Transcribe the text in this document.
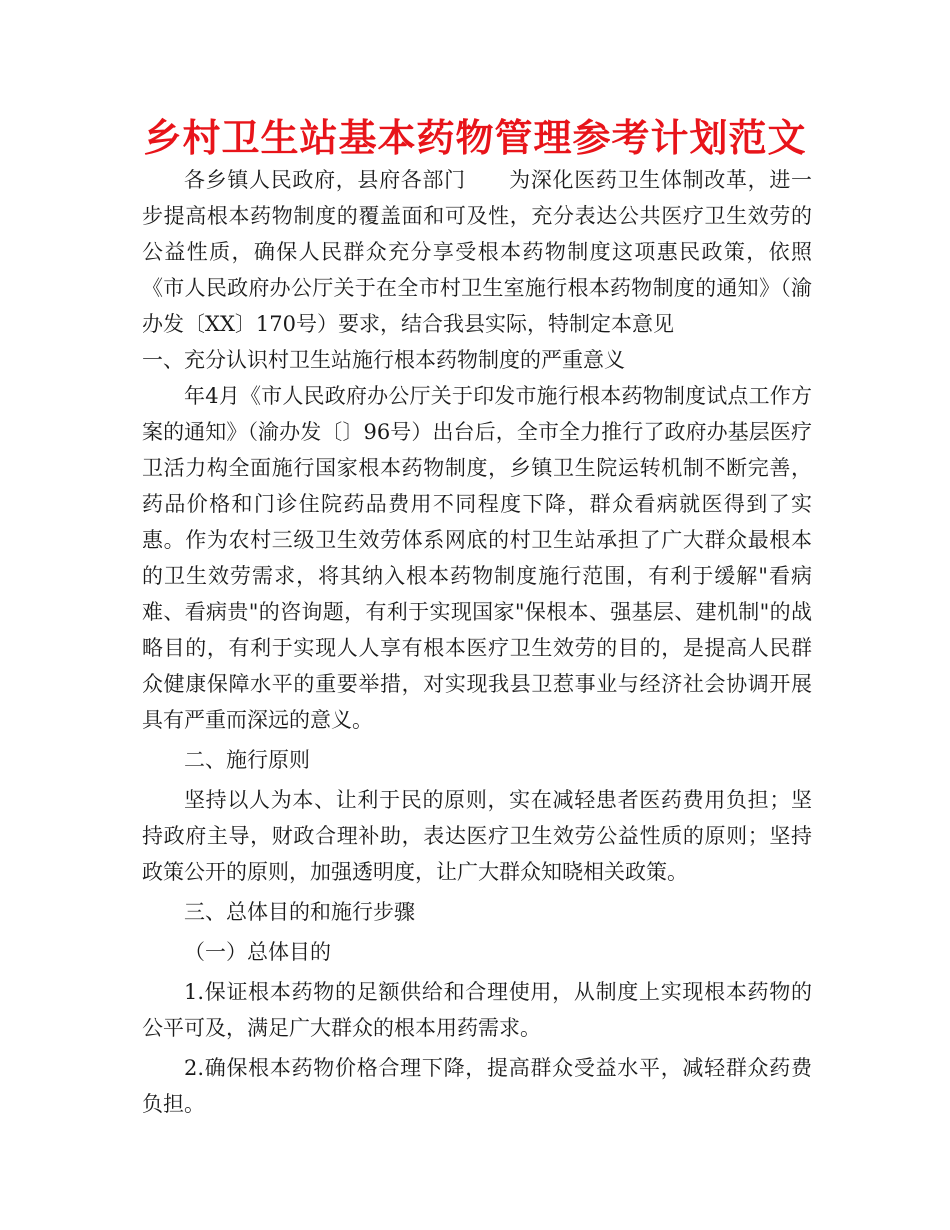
乡村卫生站基本药物管理参考计划范文

各乡镇人民政府，县府各部门　　为深化医药卫生体制改革，进一步提高根本药物制度的覆盖面和可及性，充分表达公共医疗卫生效劳的公益性质，确保人民群众充分享受根本药物制度这项惠民政策，依照《市人民政府办公厅关于在全市村卫生室施行根本药物制度的通知》（渝办发〔XX〕170号）要求，结合我县实际，特制定本意见

一、充分认识村卫生站施行根本药物制度的严重意义

年4月《市人民政府办公厅关于印发市施行根本药物制度试点工作方案的通知》（渝办发〔〕96号）出台后，全市全力推行了政府办基层医疗卫活力构全面施行国家根本药物制度，乡镇卫生院运转机制不断完善，药品价格和门诊住院药品费用不同程度下降，群众看病就医得到了实惠。作为农村三级卫生效劳体系网底的村卫生站承担了广大群众最根本的卫生效劳需求，将其纳入根本药物制度施行范围，有利于缓解"看病难、看病贵"的咨询题，有利于实现国家"保根本、强基层、建机制"的战略目的，有利于实现人人享有根本医疗卫生效劳的目的，是提高人民群众健康保障水平的重要举措，对实现我县卫惹事业与经济社会协调开展具有严重而深远的意义。

二、施行原则

坚持以人为本、让利于民的原则，实在减轻患者医药费用负担；坚持政府主导，财政合理补助，表达医疗卫生效劳公益性质的原则；坚持政策公开的原则，加强透明度，让广大群众知晓相关政策。

三、总体目的和施行步骤

（一）总体目的

1.保证根本药物的足额供给和合理使用，从制度上实现根本药物的公平可及，满足广大群众的根本用药需求。

2.确保根本药物价格合理下降，提高群众受益水平，减轻群众药费负担。
